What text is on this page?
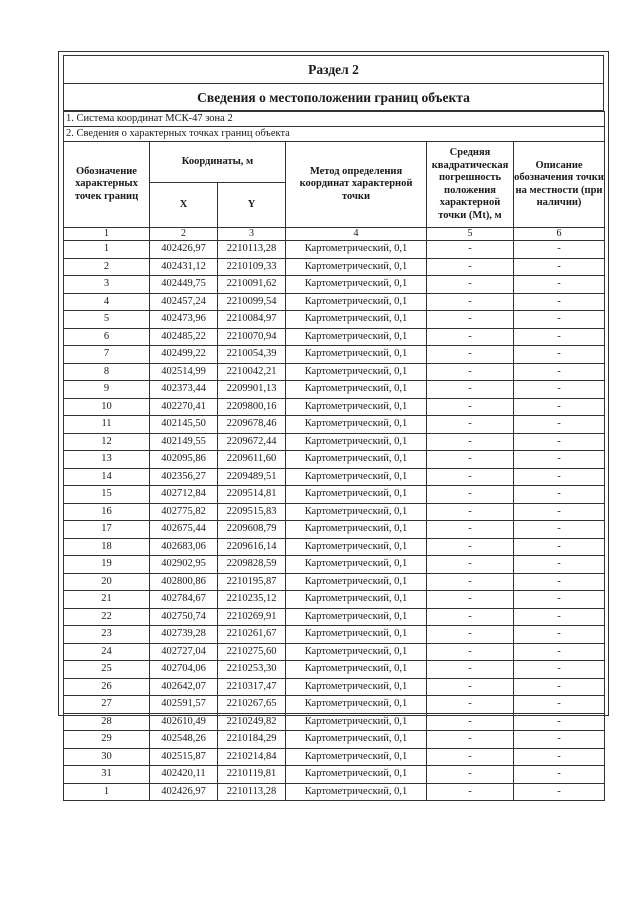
Раздел 2
Сведения о местоположении границ объекта
1. Система координат МСК-47 зона 2					
2. Сведения о характерных точках границ объекта					
Обозначение характерных точек границ	Координаты, м		Метод определения координат характерной точки	Средняя квадратическая погрешность положения характерной точки (Mt), м	Описание обозначения точки на местности (при наличии)
	X	Y			
1	2	3	4	5	6
1	402426,97	2210113,28	Картометрический, 0,1	-	-
2	402431,12	2210109,33	Картометрический, 0,1	-	-
3	402449,75	2210091,62	Картометрический, 0,1	-	-
4	402457,24	2210099,54	Картометрический, 0,1	-	-
5	402473,96	2210084,97	Картометрический, 0,1	-	-
6	402485,22	2210070,94	Картометрический, 0,1	-	-
7	402499,22	2210054,39	Картометрический, 0,1	-	-
8	402514,99	2210042,21	Картометрический, 0,1	-	-
9	402373,44	2209901,13	Картометрический, 0,1	-	-
10	402270,41	2209800,16	Картометрический, 0,1	-	-
11	402145,50	2209678,46	Картометрический, 0,1	-	-
12	402149,55	2209672,44	Картометрический, 0,1	-	-
13	402095,86	2209611,60	Картометрический, 0,1	-	-
14	402356,27	2209489,51	Картометрический, 0,1	-	-
15	402712,84	2209514,81	Картометрический, 0,1	-	-
16	402775,82	2209515,83	Картометрический, 0,1	-	-
17	402675,44	2209608,79	Картометрический, 0,1	-	-
18	402683,06	2209616,14	Картометрический, 0,1	-	-
19	402902,95	2209828,59	Картометрический, 0,1	-	-
20	402800,86	2210195,87	Картометрический, 0,1	-	-
21	402784,67	2210235,12	Картометрический, 0,1	-	-
22	402750,74	2210269,91	Картометрический, 0,1	-	-
23	402739,28	2210261,67	Картометрический, 0,1	-	-
24	402727,04	2210275,60	Картометрический, 0,1	-	-
25	402704,06	2210253,30	Картометрический, 0,1	-	-
26	402642,07	2210317,47	Картометрический, 0,1	-	-
27	402591,57	2210267,65	Картометрический, 0,1	-	-
28	402610,49	2210249,82	Картометрический, 0,1	-	-
29	402548,26	2210184,29	Картометрический, 0,1	-	-
30	402515,87	2210214,84	Картометрический, 0,1	-	-
31	402420,11	2210119,81	Картометрический, 0,1	-	-
1	402426,97	2210113,28	Картометрический, 0,1	-	-
